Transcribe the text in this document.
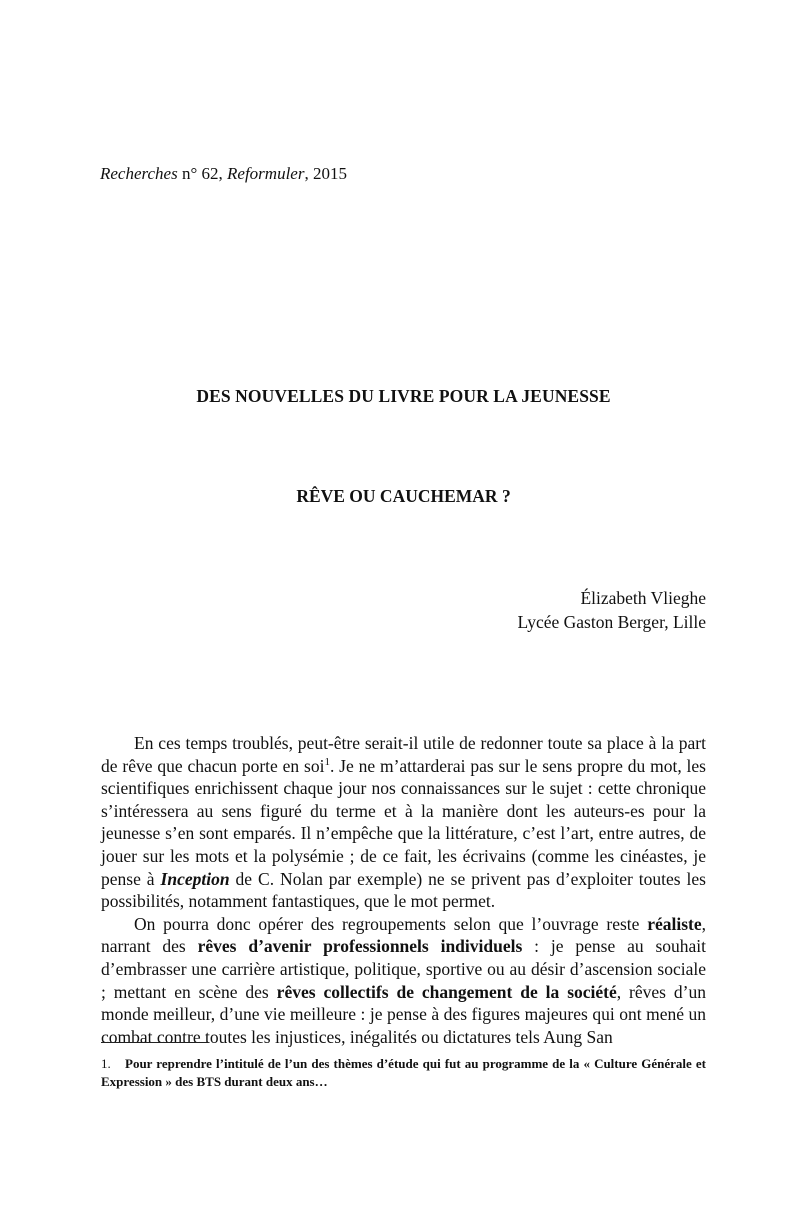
Recherches n° 62, Reformuler, 2015
DES NOUVELLES DU LIVRE POUR LA JEUNESSE
RÊVE OU CAUCHEMAR ?
Élizabeth Vlieghe
Lycée Gaston Berger, Lille

En ces temps troublés, peut-être serait-il utile de redonner toute sa place à la part de rêve que chacun porte en soi$^1$. Je ne m’attarderai pas sur le sens propre du mot, les scientifiques enrichissent chaque jour nos connaissances sur le sujet : cette chronique s’intéressera au sens figuré du terme et à la manière dont les auteurs-es pour la jeunesse s’en sont emparés. Il n’empêche que la littérature, c’est l’art, entre autres, de jouer sur les mots et la polysémie ; de ce fait, les écrivains (comme les cinéastes, je pense à Inception de C. Nolan par exemple) ne se privent pas d’exploiter toutes les possibilités, notamment fantastiques, que le mot permet.

On pourra donc opérer des regroupements selon que l’ouvrage reste réaliste, narrant des rêves d’avenir professionnels individuels : je pense au souhait d’embrasser une carrière artistique, politique, sportive ou au désir d’ascension sociale ; mettant en scène des rêves collectifs de changement de la société, rêves d’un monde meilleur, d’une vie meilleure : je pense à des figures majeures qui ont mené un combat contre toutes les injustices, inégalités ou dictatures tels Aung San

1. Pour reprendre l’intitulé de l’un des thèmes d’étude qui fut au programme de la « Culture Générale et Expression » des BTS durant deux ans…
